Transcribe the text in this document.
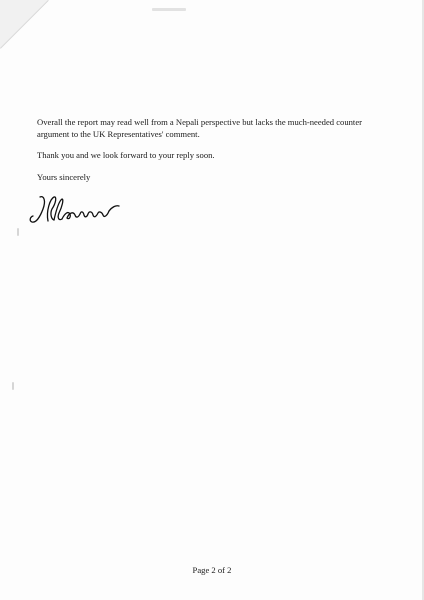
Overall the report may read well from a Nepali perspective but lacks the much-needed counter argument to the UK Representatives' comment.

Thank you and we look forward to your reply soon.

Yours sincerely

Page 2 of 2
